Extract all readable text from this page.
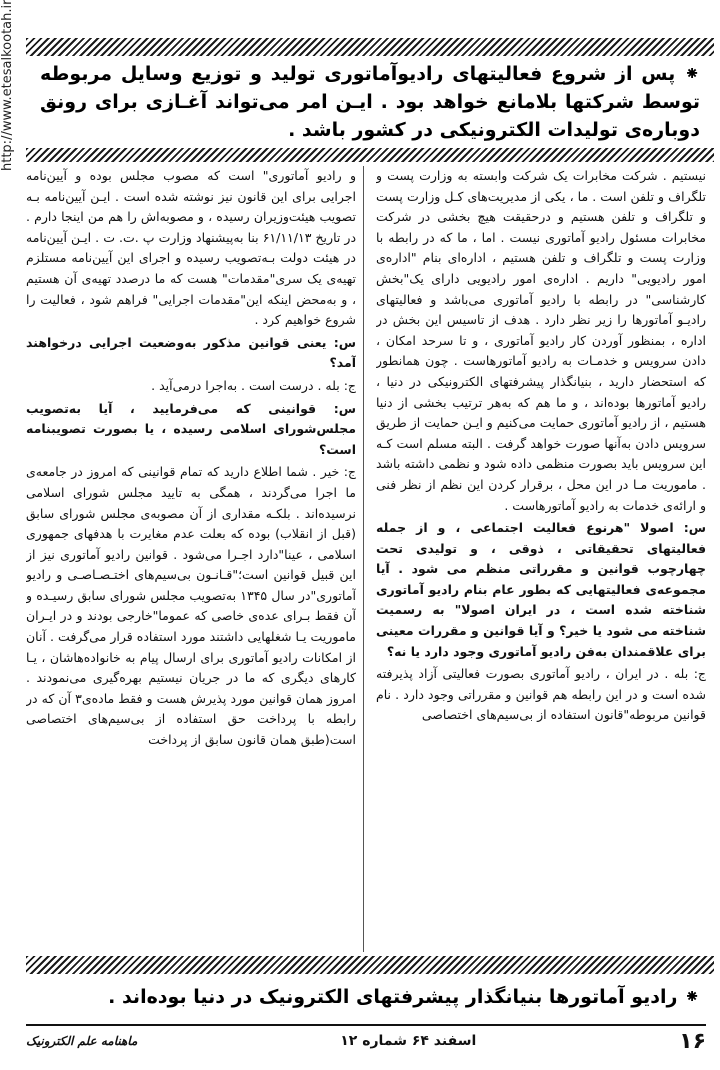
http://www.etesalkootah.ir	⁕ پس از شروع فعالیتهای رادیوآماتوری تولید و توزیع وسایل مربوطه توسط شرکتها بلامانع خواهد بود . ایـن امر می‌تواند آغـازی برای رونق دوباره‌ی تولیدات الکترونیکی در کشور باشد .

نیستیم . شرکت مخابرات یک شرکت وابسته به وزارت پست و تلگراف و تلفن است . ما ، یکی از مدیریت‌های کـل وزارت پست و تلگراف و تلفن هستیم و درحقیقت هیچ بخشی در شرکت مخابرات مسئول رادیو آماتوری نیست . اما ، ما که در رابطه با وزارت پست و تلگراف و تلفن هستیم ، اداره‌ای بنام "اداره‌ی امور رادیویی" داریم . اداره‌ی امور رادیویی دارای یک"بخش کارشناسی" در رابطه با رادیو آماتوری می‌باشد و فعالیتهای رادیـو آماتورها را زیر نظر دارد . هدف از تاسیس این بخش در اداره ، بمنظور آوردن کار رادیو آماتوری ، و تا سرحد امکان ، دادن سرویس و خدمـات به رادیو آماتورهاست . چون همانطور که استحضار دارید ، بنیانگذار پیشرفتهای الکترونیکی در دنیا ، رادیو آماتورها بوده‌اند ، و ما هم که به‌هر ترتیب بخشی از دنیا هستیم ، از رادیو آماتوری حمایت می‌کنیم و ایـن حمایت از طریق سرویس دادن به‌آنها صورت خواهد گرفت . البته مسلم است کـه این سرویس باید بصورت منظمی داده شود و نظمی داشته باشد . ماموریت مـا در این محل ، برقرار کردن این نظم از نظر فنی و ارائه‌ی خدمات به رادیو آماتورهاست .

س: اصولا "هرنوع فعالیت اجتماعی ، و از جمله فعالیتهای تحقیقاتی ، ذوقی ، و تولیدی تحت چهارچوب قوانین و مقرراتی منظم می شود . آیا مجموعه‌ی فعالیتهایی که بطور عام بنام رادیو آماتوری شناخته شده است ، در ایران اصولا" به رسمیت شناخته می شود یا خیر؟ و آیا قوانین و مقررات معینی برای علاقمندان به‌فن رادیو آماتوری وجود دارد یا نه؟

ج: بله . در ایران ، رادیو آماتوری بصورت فعالیتی آزاد پذیرفته شده است و در این رابطه هم قوانین و مقرراتی وجود دارد . نام قوانین مربوطه"قانون استفاده از بی‌سیم‌های اختصاصی

و رادیو آماتوری" است که مصوب مجلس بوده و آیین‌نامه اجرایی برای این قانون نیز نوشته شده است . ایـن آیین‌نامه بـه تصویب هیئت‌وزیران رسیده ، و مصوبه‌اش را هم من اینجا دارم . در تاریخ ۶۱/۱۱/۱۳ بنا به‌پیشنهاد وزارت پ .ت. ت . ایـن آیین‌نامه در هیئت دولت بـه‌تصویب رسیده و اجرای این آیین‌نامه مستلزم تهیه‌ی یک سری"مقدمات" هست که ما درصدد تهیه‌ی آن هستیم ، و به‌محض اینکه این"مقدمات اجرایی" فراهم شود ، فعالیت را شروع خواهیم کرد .

س: یعنی قوانین مذکور به‌وضعیت اجرایی درخواهند آمد؟

ج: بله . درست است . به‌اجرا درمی‌آید .

س: قوانینی که می‌فرمایید ، آیا به‌تصویب مجلس‌شورای اسلامی رسیده ، یا بصورت تصویبنامه است؟

ج: خیر . شما اطلاع دارید که تمام قوانینی که امروز در جامعه‌ی ما اجرا می‌گردند ، همگی به تایید مجلس شورای اسلامی نرسیده‌اند . بلکـه مقداری از آن مصوبه‌ی مجلس شورای سابق (قبل از انقلاب) بوده که بعلت عدم مغایرت با هدفهای جمهوری اسلامی ، عینا"دارد اجـرا می‌شود . قوانین رادیو آماتوری نیز از این قبیل قوانین است؛"قـانـون بی‌سیم‌های اختـصـاصـی و رادیو آماتوری"در سال ۱۳۴۵ به‌تصویب مجلس شورای سابق رسیـده و آن فقط بـرای عده‌ی خاصی که عموما"خارجی بودند و در ایـران ماموریت یـا شغلهایی داشتند مورد استفاده قرار می‌گرفت . آنان از امکانات رادیو آماتوری برای ارسال پیام به خانواده‌هاشان ، یـا کارهای دیگری که ما در جریان نیستیم بهره‌گیری می‌نمودند . امروز همان قوانین مورد پذیرش هست و فقط ماده‌ی۳ آن که در رابطه با پرداخت حق استفاده از بی‌سیم‌های اختصاصی است(طبق همان قانون سابق از پرداخت

⁕ رادیو آماتورها بنیانگذار پیشرفتهای الکترونیک در دنیا بوده‌اند .
۱۶
اسفند ۶۴ شماره ۱۲
ماهنامه علم الکترونیک
